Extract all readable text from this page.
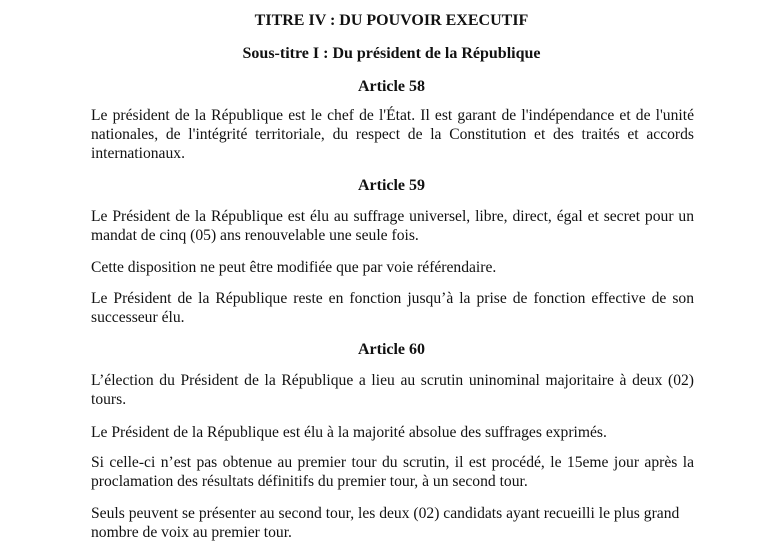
TITRE IV : DU POUVOIR EXECUTIF
Sous-titre I : Du président de la République
Article 58

Le président de la République est le chef de l'État. Il est garant de l'indépendance et de l'unité nationales, de l'intégrité territoriale, du respect de la Constitution et des traités et accords internationaux.

Article 59

Le Président de la République est élu au suffrage universel, libre, direct, égal et secret pour un mandat de cinq (05) ans renouvelable une seule fois.

Cette disposition ne peut être modifiée que par voie référendaire.

Le Président de la République reste en fonction jusqu’à la prise de fonction effective de son successeur élu.

Article 60

L’élection du Président de la République a lieu au scrutin uninominal majoritaire à deux (02) tours.

Le Président de la République est élu à la majorité absolue des suffrages exprimés.

Si celle-ci n’est pas obtenue au premier tour du scrutin, il est procédé, le 15eme jour après la proclamation des résultats définitifs du premier tour, à un second tour.

Seuls peuvent se présenter au second tour, les deux (02) candidats ayant recueilli le plus grand nombre de voix au premier tour.
